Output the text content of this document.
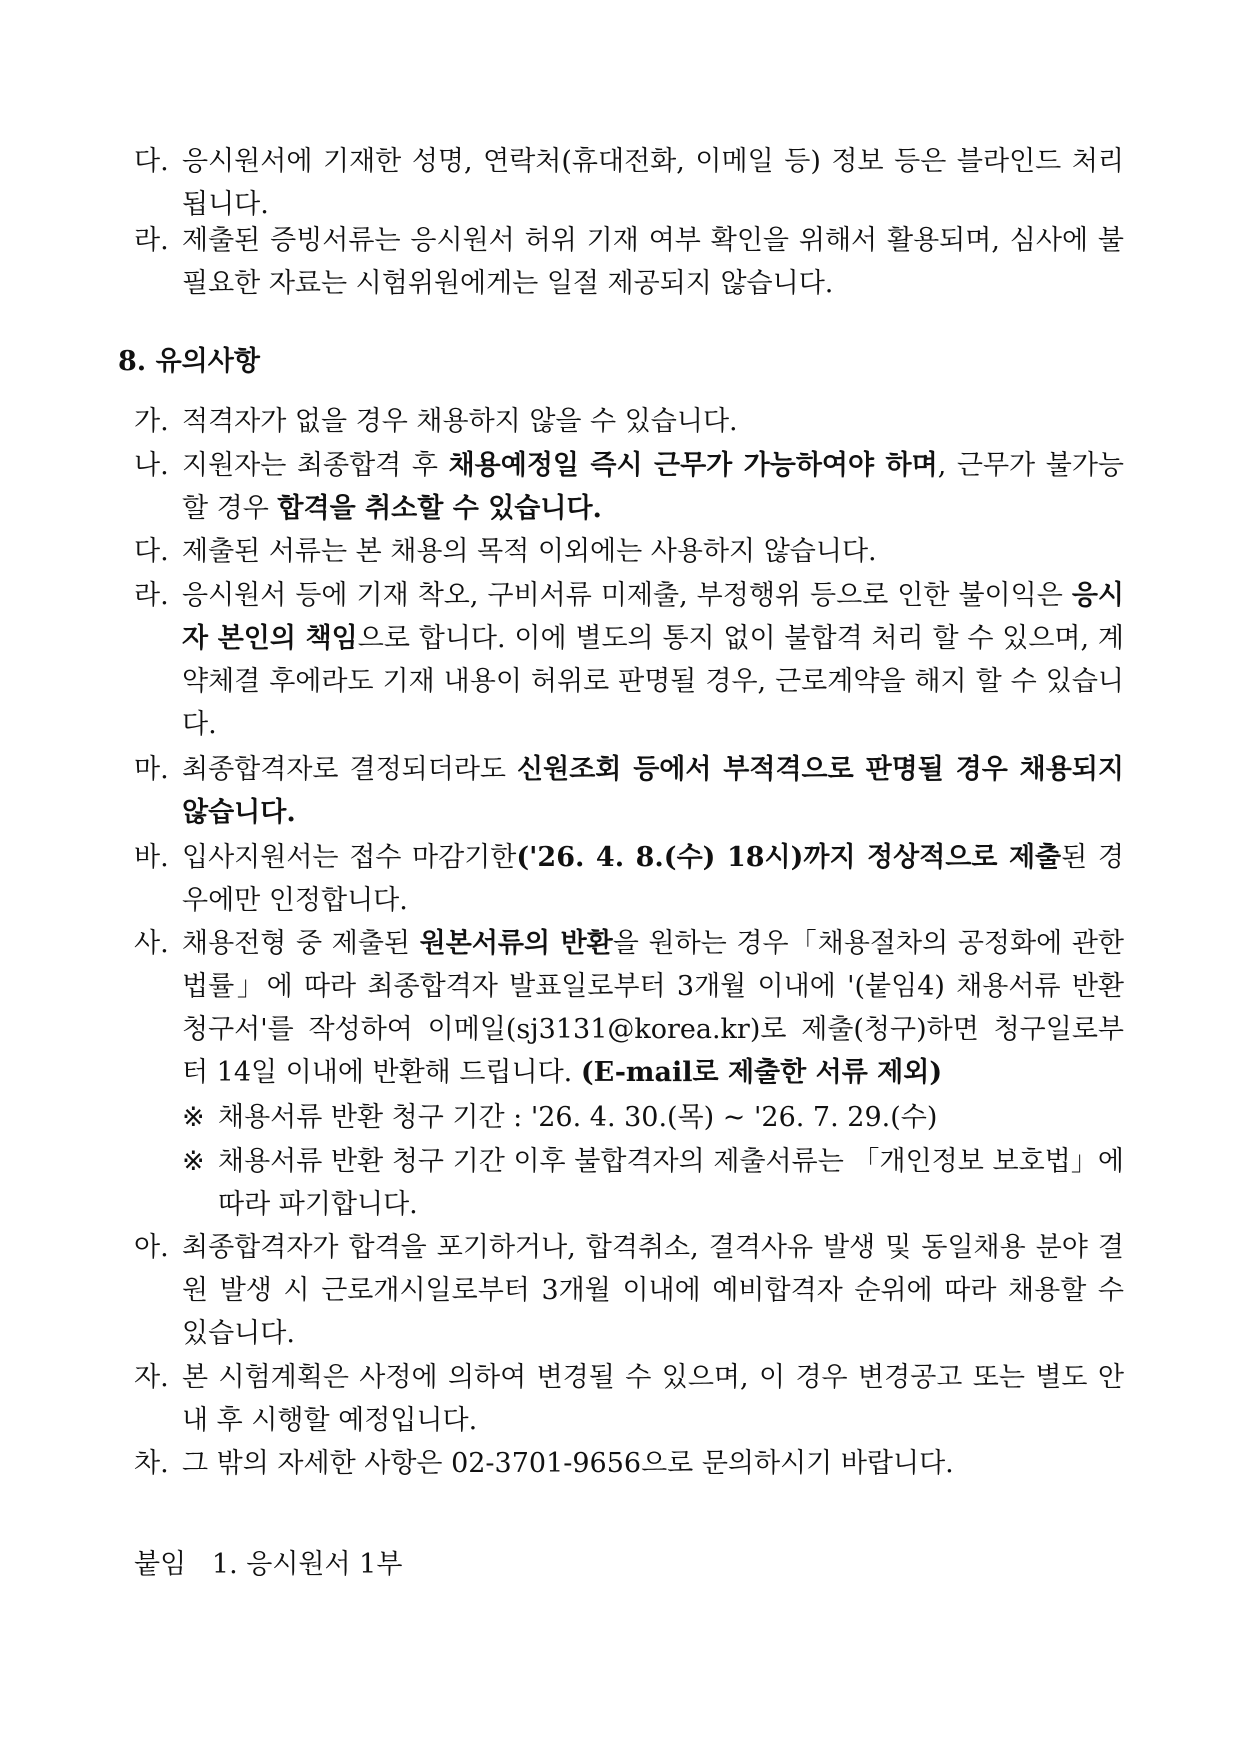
다. 응시원서에 기재한 성명, 연락처(휴대전화, 이메일 등) 정보 등은 블라인드 처리됩니다.
라. 제출된 증빙서류는 응시원서 허위 기재 여부 확인을 위해서 활용되며, 심사에 불필요한 자료는 시험위원에게는 일절 제공되지 않습니다.
8. 유의사항
가. 적격자가 없을 경우 채용하지 않을 수 있습니다.
나. 지원자는 최종합격 후 채용예정일 즉시 근무가 가능하여야 하며, 근무가 불가능할 경우 합격을 취소할 수 있습니다.
다. 제출된 서류는 본 채용의 목적 이외에는 사용하지 않습니다.
라. 응시원서 등에 기재 착오, 구비서류 미제출, 부정행위 등으로 인한 불이익은 응시자 본인의 책임으로 합니다. 이에 별도의 통지 없이 불합격 처리 할 수 있으며, 계약체결 후에라도 기재 내용이 허위로 판명될 경우, 근로계약을 해지 할 수 있습니다.
마. 최종합격자로 결정되더라도 신원조회 등에서 부적격으로 판명될 경우 채용되지 않습니다.
바. 입사지원서는 접수 마감기한('26. 4. 8.(수) 18시)까지 정상적으로 제출된 경우에만 인정합니다.
사. 채용전형 중 제출된 원본서류의 반환을 원하는 경우「채용절차의 공정화에 관한 법률」에 따라 최종합격자 발표일로부터 3개월 이내에 '(붙임4) 채용서류 반환 청구서'를 작성하여 이메일(sj3131@korea.kr)로 제출(청구)하면 청구일로부터 14일 이내에 반환해 드립니다. (E-mail로 제출한 서류 제외)
※ 채용서류 반환 청구 기간 : '26. 4. 30.(목) ~ '26. 7. 29.(수)
※ 채용서류 반환 청구 기간 이후 불합격자의 제출서류는 「개인정보 보호법」에 따라 파기합니다.
아. 최종합격자가 합격을 포기하거나, 합격취소, 결격사유 발생 및 동일채용 분야 결원 발생 시 근로개시일로부터 3개월 이내에 예비합격자 순위에 따라 채용할 수 있습니다.
자. 본 시험계획은 사정에 의하여 변경될 수 있으며, 이 경우 변경공고 또는 별도 안내 후 시행할 예정입니다.
차. 그 밖의 자세한 사항은 02-3701-9656으로 문의하시기 바랍니다.
붙임 1. 응시원서 1부
